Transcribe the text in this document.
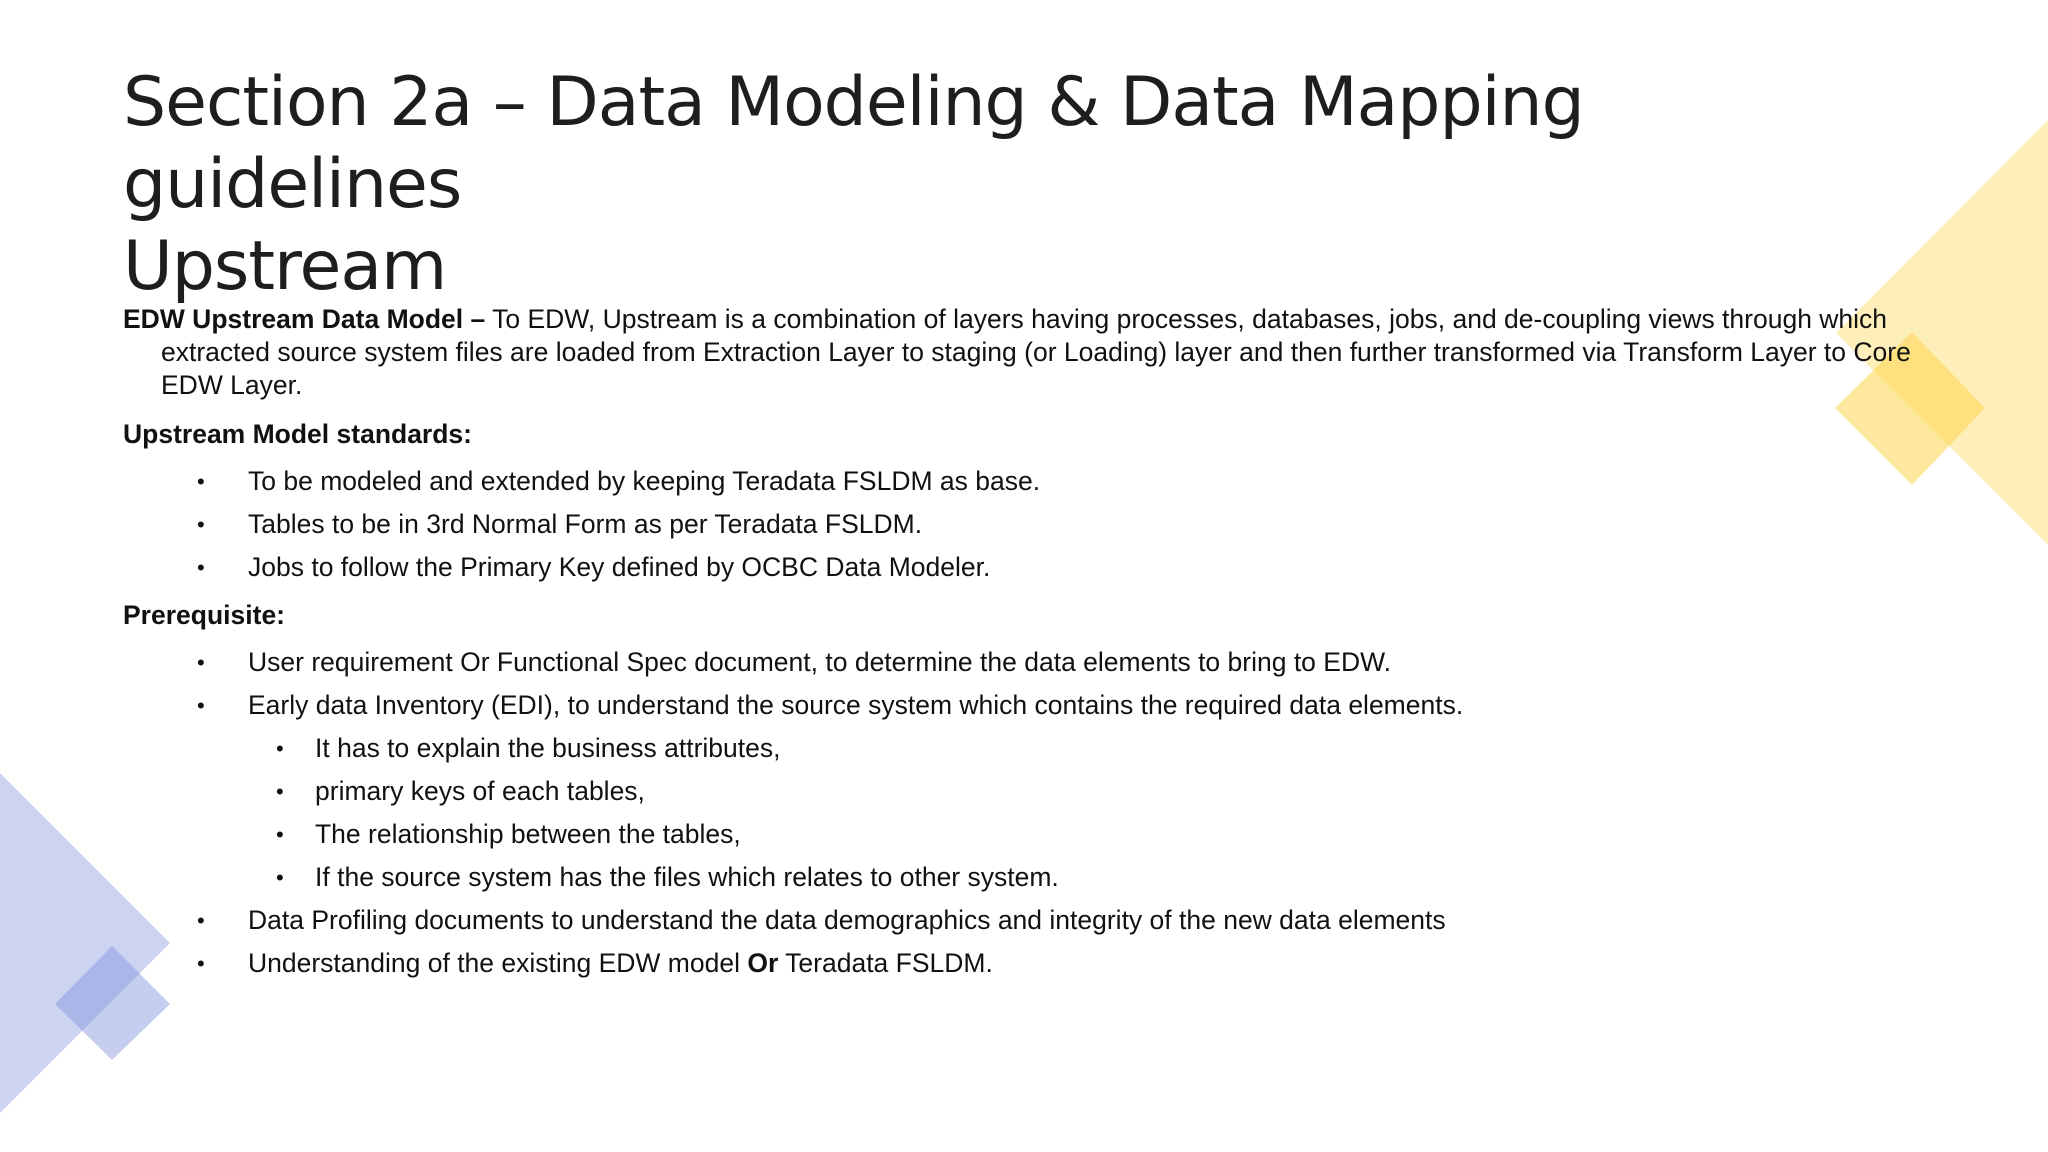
Section 2a – Data Modeling & Data Mapping guidelines
Upstream

EDW Upstream Data Model – To EDW, Upstream is a combination of layers having processes, databases, jobs, and de-coupling views through which extracted source system files are loaded from Extraction Layer to staging (or Loading) layer and then further transformed via Transform Layer to Core EDW Layer.

Upstream Model standards:

• To be modeled and extended by keeping Teradata FSLDM as base.
• Tables to be in 3rd Normal Form as per Teradata FSLDM.
• Jobs to follow the Primary Key defined by OCBC Data Modeler.

Prerequisite:

• User requirement Or Functional Spec document, to determine the data elements to bring to EDW.
• Early data Inventory (EDI), to understand the source system which contains the required data elements.
• It has to explain the business attributes,
• primary keys of each tables,
• The relationship between the tables,
• If the source system has the files which relates to other system.
• Data Profiling documents to understand the data demographics and integrity of the new data elements
• Understanding of the existing EDW model Or Teradata FSLDM.
